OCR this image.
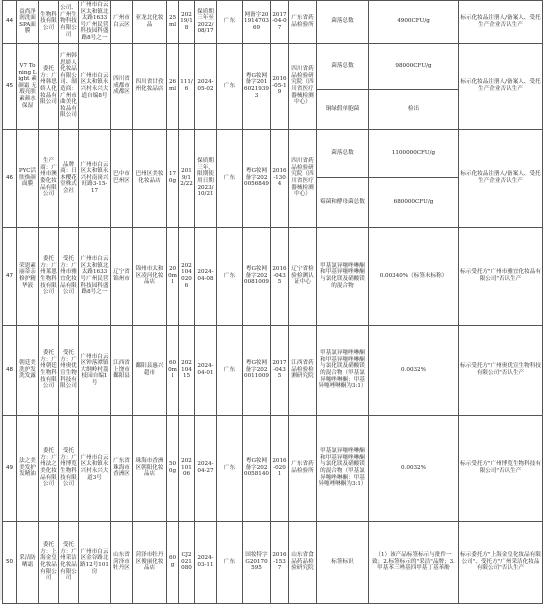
44	益尚净润洗面SPA面膜	生物科技有限公司	公司、广州生物科技有限公司	广州市白云区太和镇北太路1633号广州民营科技园科盛路8号之一	广州市白云区	亚龙北化妆品	25ml	20219/18	保质期三年至2022/08/17	广东	网备字20191470369	2017-04-07	广东省药品检验所	菌落总数	4900CFU/g	标示化妆品注册人/备案人、受托生产企业否认生产

45	V7 Toning Light 素颜霜 无瑕亮肤素颜水保湿	委托方：广州韩思娇人化妆品有限公司	广州韩思娇人化妆品有限公司、制造商：广州市曲美化妆品有限公司	广州市白云区太和镇永兴村永兴大道自编8号	四川省成都市成都区	四川省甘孜州化妆品店	26ml	111/6	2024-05-02	广东	粤G妆网备字20160219393	2016-05-19	四川省药品检验研究院（四川省医疗器械检测中心）	菌落总数	98000CFU/g	标示化妆品注册人/备案人、受托生产企业否认生产

														铜绿假单胞菌	检出	

46	PYC活肤焕颜面膜	生产商：广州市澳姿化妆品有限公司	品牌商：日本樱花堂株式会社	广州市白云区太和镇永兴村南岗兴旺路3-15-17	巴中市巴州区	巴州区美妆化妆品店	170g	2019/12/22	保质期三年，限期使用日期2023/10/21	广东	粤G妆网备字2020056849	2016-1304	四川省药品检验研究院（四川省医疗器械检测中心）	菌落总数	1100000CFU/g	标示化妆品注册人/备案人、受托生产企业否认生产

														霉菌和酵母菌总数	680000CFU/g	

47	荣恩素丽蒂亲修护精华液	委托方：广州莱恩生物科技有限公司	受托方：广州市雅宜化妆品有限公司	广州市白云区太和镇北太路1633号广州民营科技园科盛路8号之一	辽宁省锦州市	锦州市太和区凌河化妆品店	200ml	2021040206	2024-04-08	广东	粤G妆网备字2020081009	2016-0435	辽宁省检验检测认证中心	甲基氯异噻唑啉酮和甲基异噻唑啉酮与氯化镁及硝酸镁的混合物	0.00340%（标签未标称）	标示受托方"广州市雅宜化妆品有限公司"否认生产

48	朝廷美洗护发洗发露	委托方：广州朝廷生物科技有限公司	受托方：广州奥优宣生物科技有限公司	广州市白云区钟落潭镇大纲岭村荔枝园自编1号	江西省上饶市鄱阳县	鄱阳县惠兴超市	600ml	20210415	2024-04-01	广东	粤G妆网备字2020011009	2017-0435	江西省药品检验检测研究院	甲基氯异噻唑啉酮和甲基异噻唑啉酮与氯化镁及硝酸镁的混合物（甲基氯异噻唑啉酮：甲基异噻唑啉酮为3:1）	0.0032%	标示受托方"广州奥优宣生物科技有限公司"否认生产

49	法之美美发护发精油	委托方：广州法之美化妆品有限公司	受托方：广州博览生物科技有限公司	广州市白云区太和镇永兴村永兴大道3号	广东省珠海市香洲区	珠海市香洲区朝阳化妆品店	500g	20210106	2024-04-27	广东	粤G妆网备字2020058140	2016-0201	广东省药品检验所	甲基氯异噻唑啉酮和甲基异噻唑啉酮与氯化镁及硝酸镁的混合物（甲基氯异噻唑啉酮：甲基异噻唑啉酮为3:1）	0.0032%	标示受托方"广州博览生物科技有限公司"否认生产

50	采洁防晒霜	委托方：上海金皇化妆品有限公司	受托方：广州采洁化妆品有限公司	广州市白云区金谷路北路12号101房	山东省菏泽市牡丹区	菏泽市牡丹区俊丽化妆品店	60g	CJ2021080	2024-03-11	广东	国妆特字G20170595	2016-1537	山东省食品药品检验研究院	标签标识	（1）该产品标签标示与批件一致；2.标签标示的"采洁"品牌；3.甲基苯三唑基四甲基丁基苯酚	标示委托方"上海金皇化妆品有限公司"、受托方"广州采洁化妆品有限公司"否认生产
